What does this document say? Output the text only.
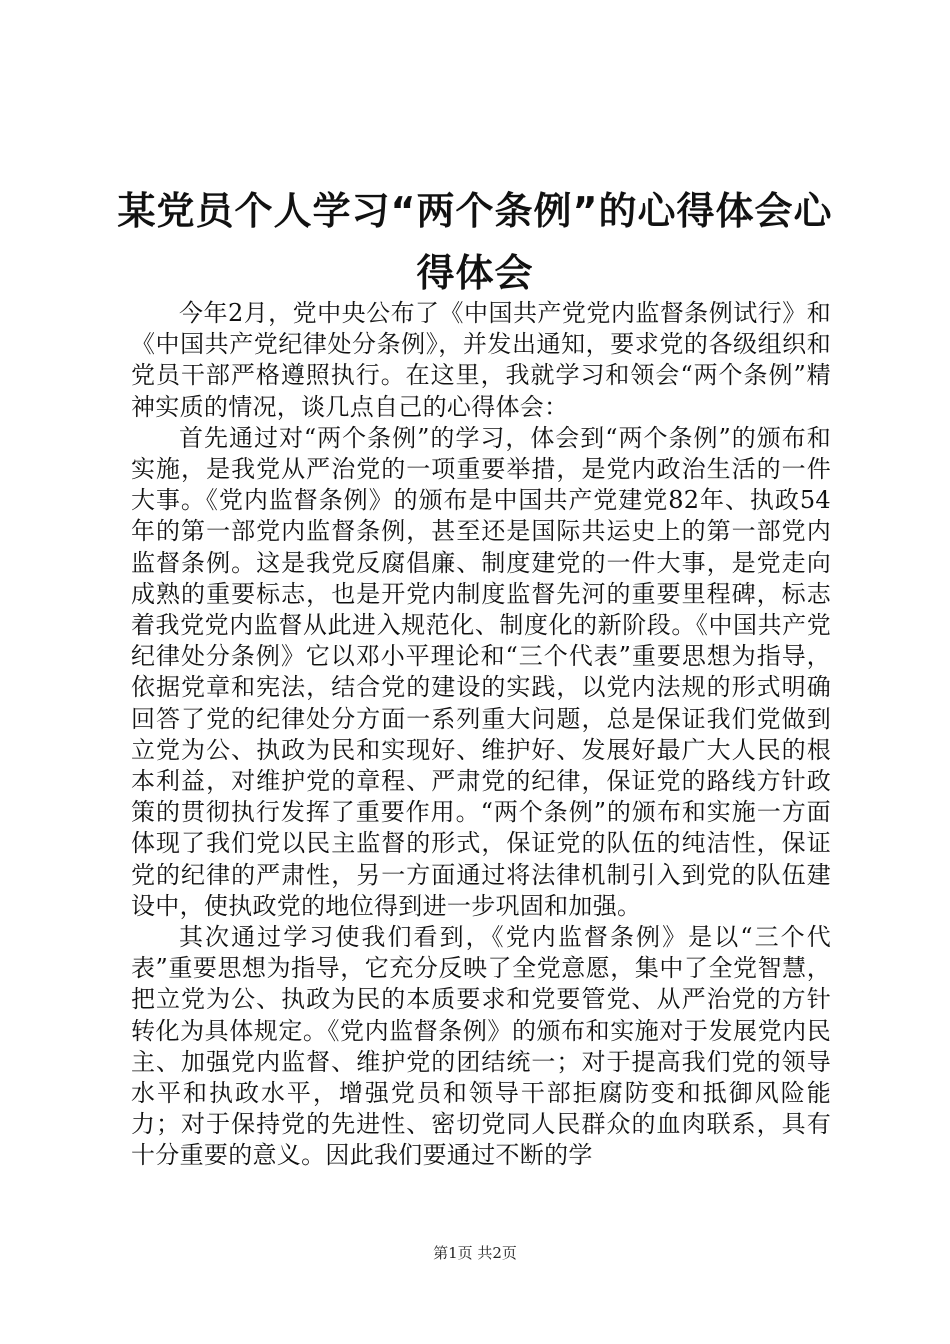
某党员个人学习“两个条例”的心得体会心得体会

今年2月，党中央公布了《中国共产党党内监督条例试行》和《中国共产党纪律处分条例》，并发出通知，要求党的各级组织和党员干部严格遵照执行。在这里，我就学习和领会“两个条例”精神实质的情况，谈几点自己的心得体会：

首先通过对“两个条例”的学习，体会到“两个条例”的颁布和实施，是我党从严治党的一项重要举措，是党内政治生活的一件大事。《党内监督条例》的颁布是中国共产党建党82年、执政54年的第一部党内监督条例，甚至还是国际共运史上的第一部党内监督条例。这是我党反腐倡廉、制度建党的一件大事，是党走向成熟的重要标志，也是开党内制度监督先河的重要里程碑，标志着我党党内监督从此进入规范化、制度化的新阶段。《中国共产党纪律处分条例》它以邓小平理论和“三个代表”重要思想为指导，依据党章和宪法，结合党的建设的实践，以党内法规的形式明确回答了党的纪律处分方面一系列重大问题，总是保证我们党做到立党为公、执政为民和实现好、维护好、发展好最广大人民的根本利益，对维护党的章程、严肃党的纪律，保证党的路线方针政策的贯彻执行发挥了重要作用。“两个条例”的颁布和实施一方面体现了我们党以民主监督的形式，保证党的队伍的纯洁性，保证党的纪律的严肃性，另一方面通过将法律机制引入到党的队伍建设中，使执政党的地位得到进一步巩固和加强。

其次通过学习使我们看到，《党内监督条例》是以“三个代表”重要思想为指导，它充分反映了全党意愿，集中了全党智慧，把立党为公、执政为民的本质要求和党要管党、从严治党的方针转化为具体规定。《党内监督条例》的颁布和实施对于发展党内民主、加强党内监督、维护党的团结统一；对于提高我们党的领导水平和执政水平，增强党员和领导干部拒腐防变和抵御风险能力；对于保持党的先进性、密切党同人民群众的血肉联系，具有十分重要的意义。因此我们要通过不断的学

第1页 共2页
